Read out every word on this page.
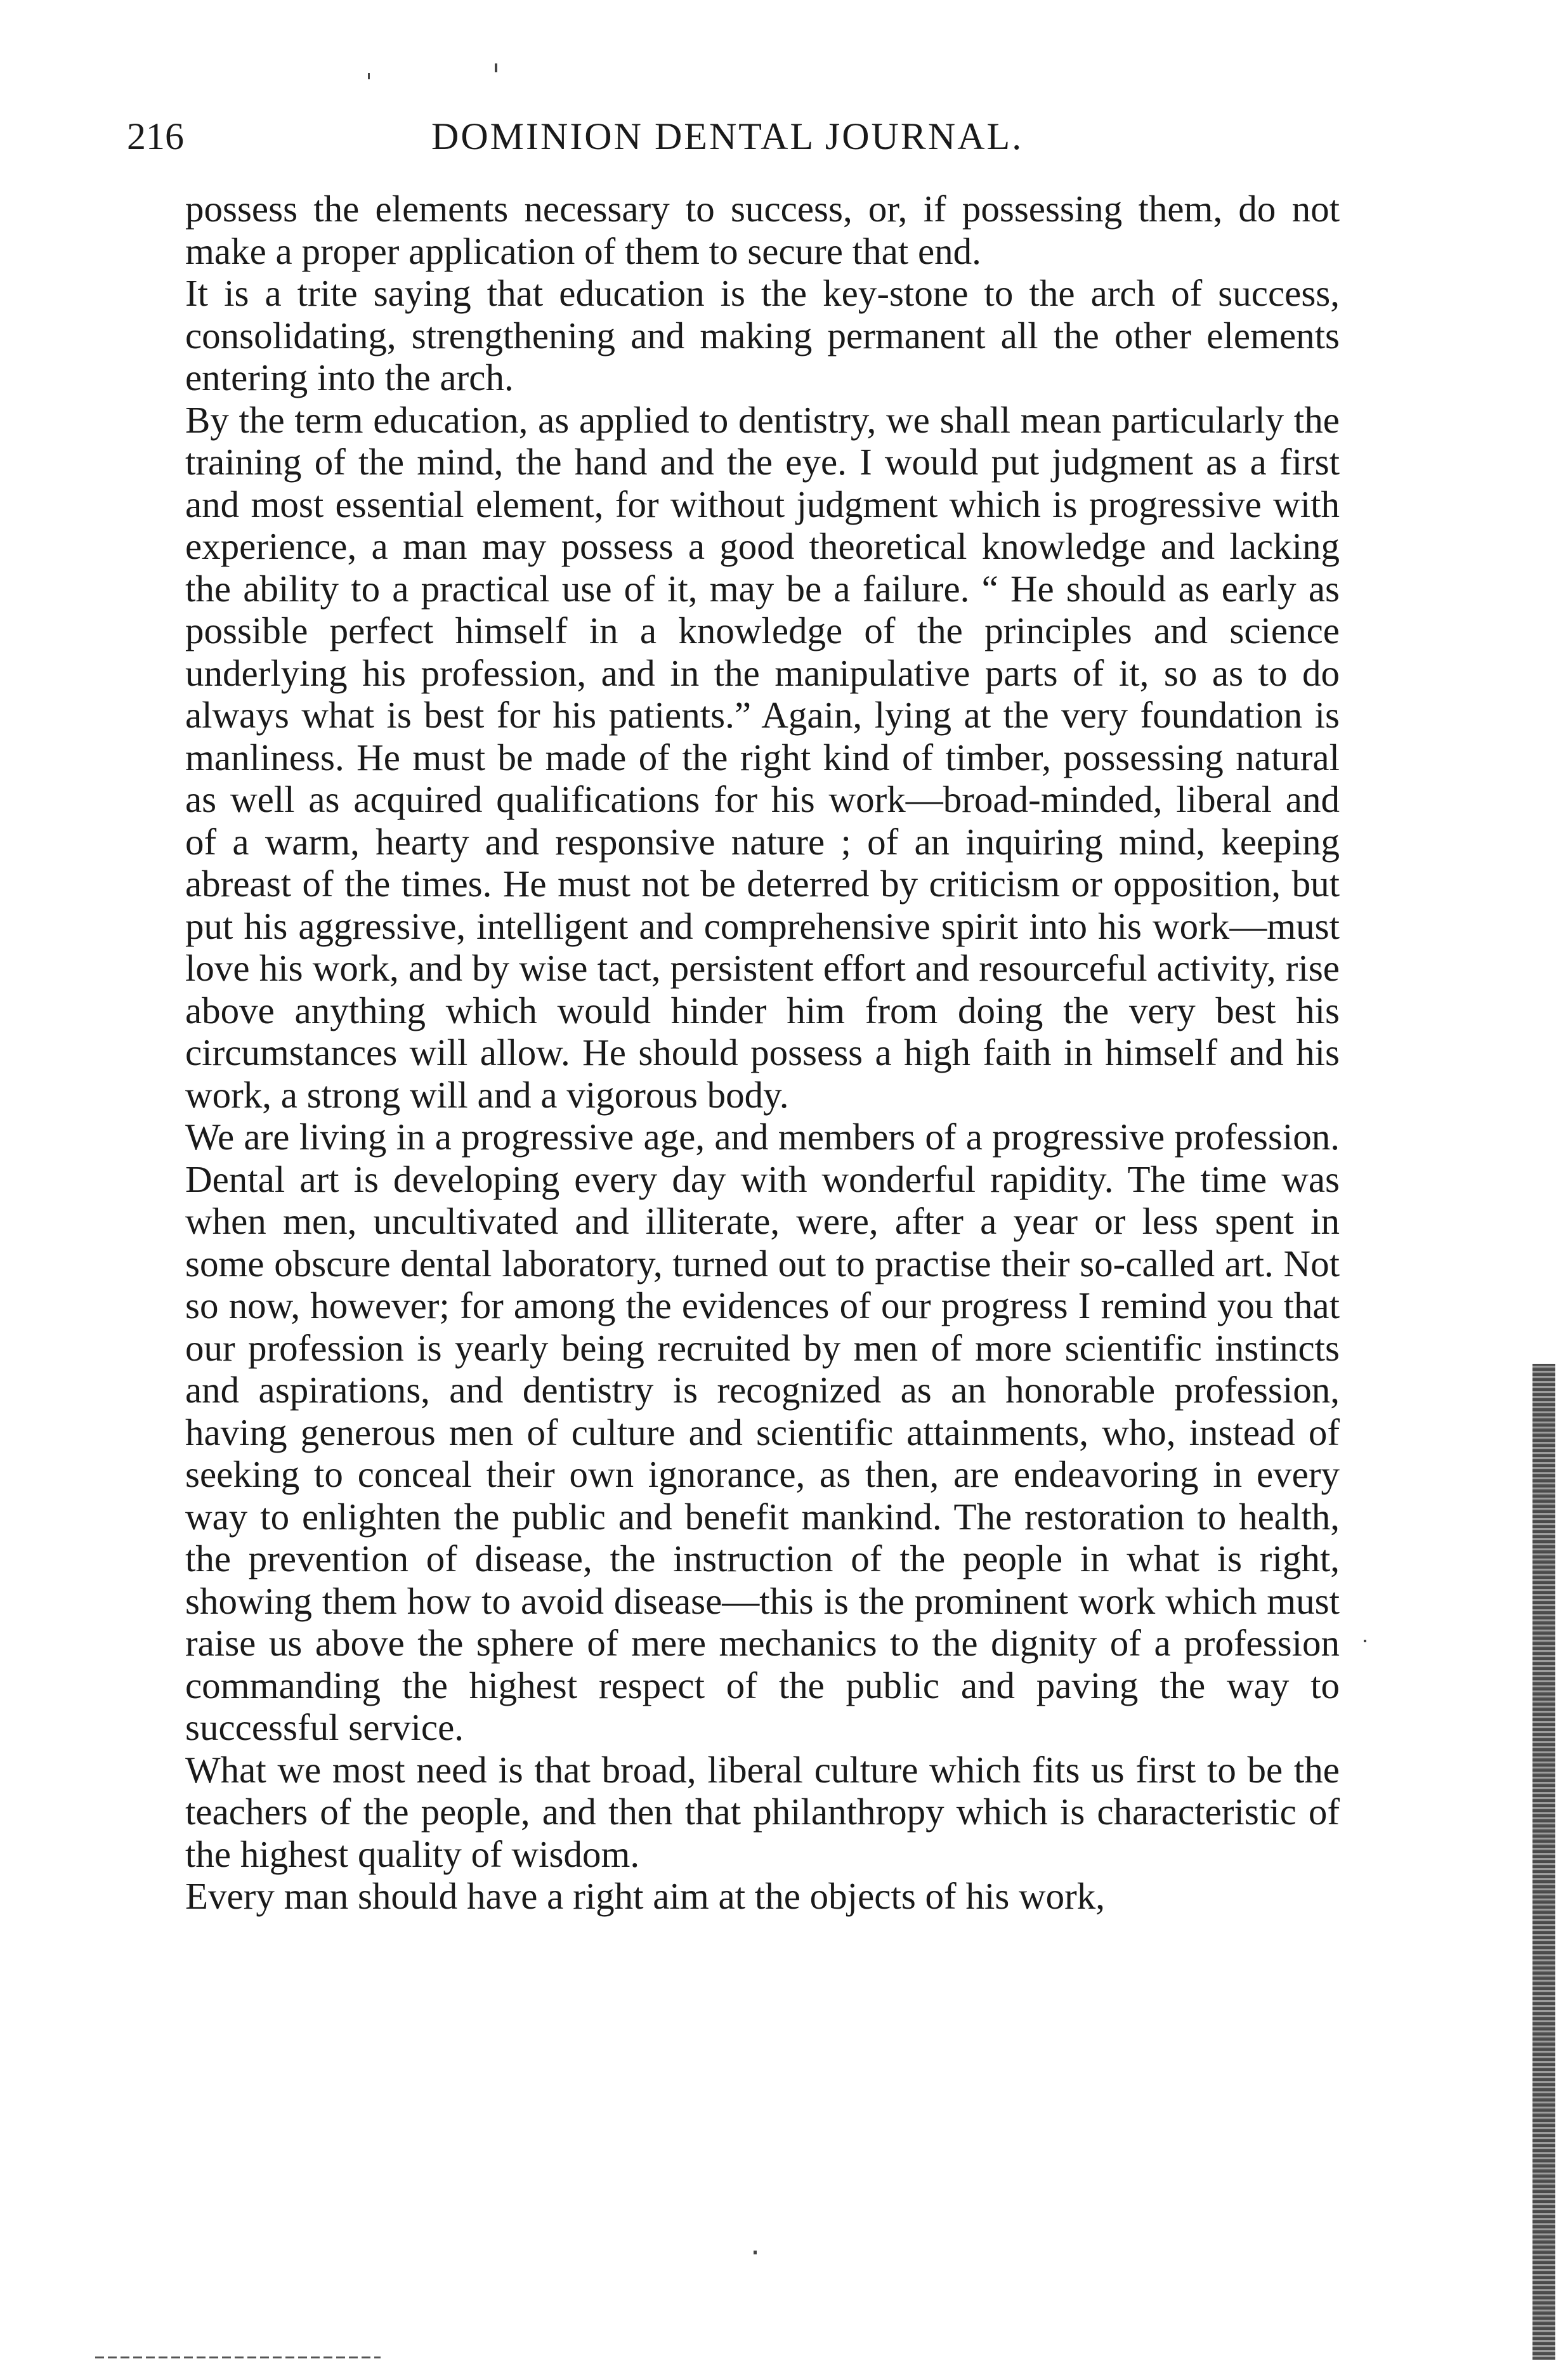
216	DOMINION DENTAL JOURNAL.

possess the elements necessary to success, or, if possessing them, do not make a proper application of them to secure that end.

It is a trite saying that education is the key-stone to the arch of success, consolidating, strengthening and making permanent all the other elements entering into the arch.

By the term education, as applied to dentistry, we shall mean particularly the training of the mind, the hand and the eye. I would put judgment as a first and most essential element, for without judgment which is progressive with experience, a man may possess a good theoretical knowledge and lacking the ability to a practical use of it, may be a failure. “ He should as early as possible perfect himself in a knowledge of the principles and science underlying his profession, and in the manipulative parts of it, so as to do always what is best for his patients.” Again, lying at the very foundation is manliness. He must be made of the right kind of timber, possessing natural as well as acquired qualifications for his work—broad-minded, liberal and of a warm, hearty and responsive nature ; of an inquiring mind, keeping abreast of the times. He must not be deterred by criticism or opposition, but put his aggressive, intelligent and comprehensive spirit into his work—must love his work, and by wise tact, persistent effort and resourceful activity, rise above anything which would hinder him from doing the very best his circumstances will allow. He should possess a high faith in himself and his work, a strong will and a vigorous body.

We are living in a progressive age, and members of a progressive profession. Dental art is developing every day with wonderful rapidity. The time was when men, uncultivated and illiterate, were, after a year or less spent in some obscure dental laboratory, turned out to practise their so-called art. Not so now, however; for among the evidences of our progress I remind you that our profession is yearly being recruited by men of more scientific instincts and aspirations, and dentistry is recognized as an honorable profession, having generous men of culture and scientific attainments, who, instead of seeking to conceal their own ignorance, as then, are endeavoring in every way to enlighten the public and benefit mankind. The restoration to health, the prevention of disease, the instruction of the people in what is right, showing them how to avoid disease—this is the prominent work which must raise us above the sphere of mere mechanics to the dignity of a profession commanding the highest respect of the public and paving the way to successful service.

What we most need is that broad, liberal culture which fits us first to be the teachers of the people, and then that philanthropy which is characteristic of the highest quality of wisdom.

Every man should have a right aim at the objects of his work,
